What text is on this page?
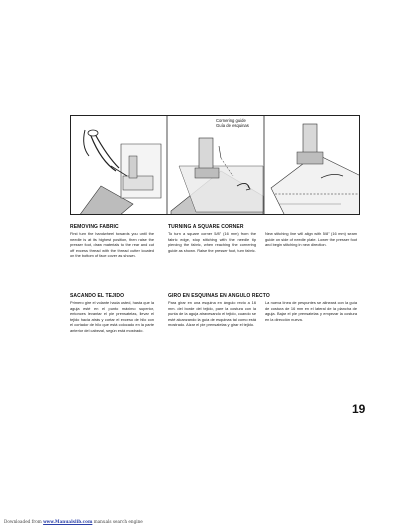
Cornering guide
Guía de esquinas
REMOVING FABRIC

First turn the handwheel towards you until the needle is at its highest position, then raise the presser foot, draw materials to the rear and cut off excess thread with the thread cutter located on the bottom of face cover as shown.

TURNING A SQUARE CORNER

To turn a square corner 5/8" (16 mm) from the fabric edge, stop stitching with the needle tip piercing the fabric, when reaching the cornering guide as shown. Raise the presser foot, turn fabric.

New stitching line will align with 5/8" (16 mm) seam guide on side of needle plate. Lower the presser foot and begin stitching in new direction.

SACANDO EL TEJIDO

Primero gire el volante hacia usted, hasta que la aguja esté en el punto máximo superior, entonces levantar el pie prensatelas, llevar el tejido hacia atrás y cortar el exceso de hilo con el cortador de hilo que está colocado en la parte anterior del cabezal, según está mostrado.

GIRO EN ESQUINAS EN ANGULO RECTO

Para girar en una esquina en ángulo recto a 16 mm. del borde del tejido, pare la costura con la punta de la aguja atravesando el tejido, cuando se esté alcanzando la guía de esquinas tal como está mostrado. Alzar el pie prensatelas y girar el tejido.

La nueva línea de pespuntes se alineará con la guía de costura de 16 mm en el lateral de la plancha de aguja. Bajar el pie prensatelas y empezar la costura en la dirección nueva.

19
Downloaded from www.Manualslib.com manuals search engine
